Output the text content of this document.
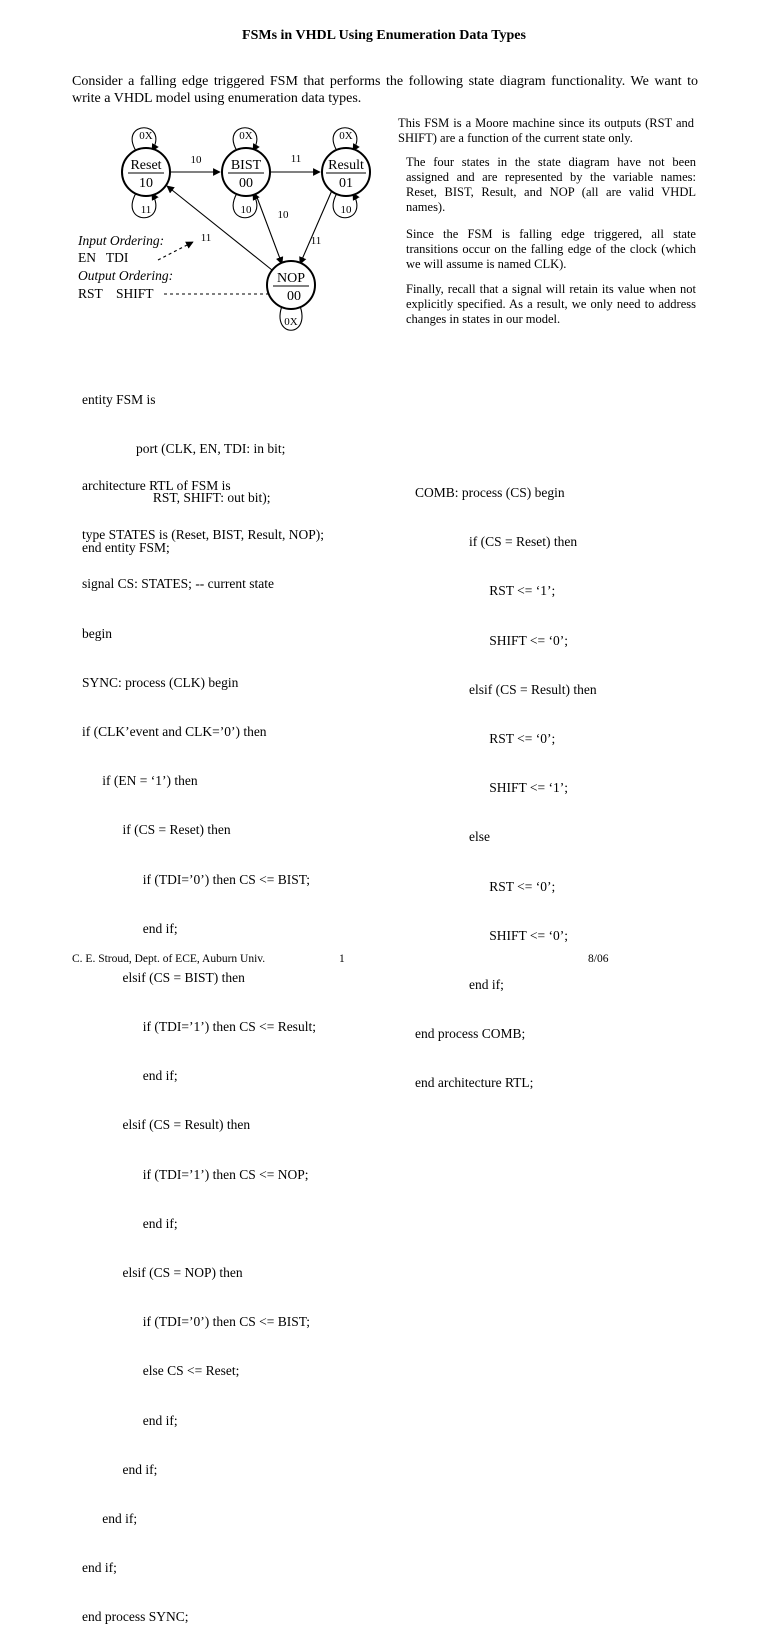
FSMs in VHDL Using Enumeration Data Types
Consider a falling edge triggered FSM that performs the following state diagram functionality. We want to write a VHDL model using enumeration data types.
Reset
10
BIST
00
Result
01
NOP
00
0X	0X	0X
11	10	10
0X
10	11
10
11
11
Input Ordering:
EN   TDI
Output Ordering:
RST    SHIFT
This FSM is a Moore machine since its outputs (RST and SHIFT) are a function of the current state only.
The four states in the state diagram have not been assigned and are represented by the variable names: Reset, BIST, Result, and NOP (all are valid VHDL names).
Since the FSM is falling edge triggered, all state transitions occur on the falling edge of the clock (which we will assume is named CLK).
Finally, recall that a signal will retain its value when not explicitly specified. As a result, we only need to address changes in states in our model.

entity FSM is

port (CLK, EN, TDI: in bit;

RST, SHIFT: out bit);

end entity FSM;

architecture RTL of FSM is

type STATES is (Reset, BIST, Result, NOP);

signal CS: STATES; -- current state

begin

SYNC: process (CLK) begin

if (CLK’event and CLK=’0’) then

if (EN = ‘1’) then

if (CS = Reset) then

if (TDI=’0’) then CS <= BIST;

end if;

elsif (CS = BIST) then

if (TDI=’1’) then CS <= Result;

end if;

elsif (CS = Result) then

if (TDI=’1’) then CS <= NOP;

end if;

elsif (CS = NOP) then

if (TDI=’0’) then CS <= BIST;

else CS <= Reset;

end if;

end if;

end if;

end if;

end process SYNC;

COMB: process (CS) begin

if (CS = Reset) then

RST <= ‘1’;

SHIFT <= ‘0’;

elsif (CS = Result) then

RST <= ‘0’;

SHIFT <= ‘1’;

else

RST <= ‘0’;

SHIFT <= ‘0’;

end if;

end process COMB;

end architecture RTL;

C. E. Stroud, Dept. of ECE, Auburn Univ.	1	8/06
